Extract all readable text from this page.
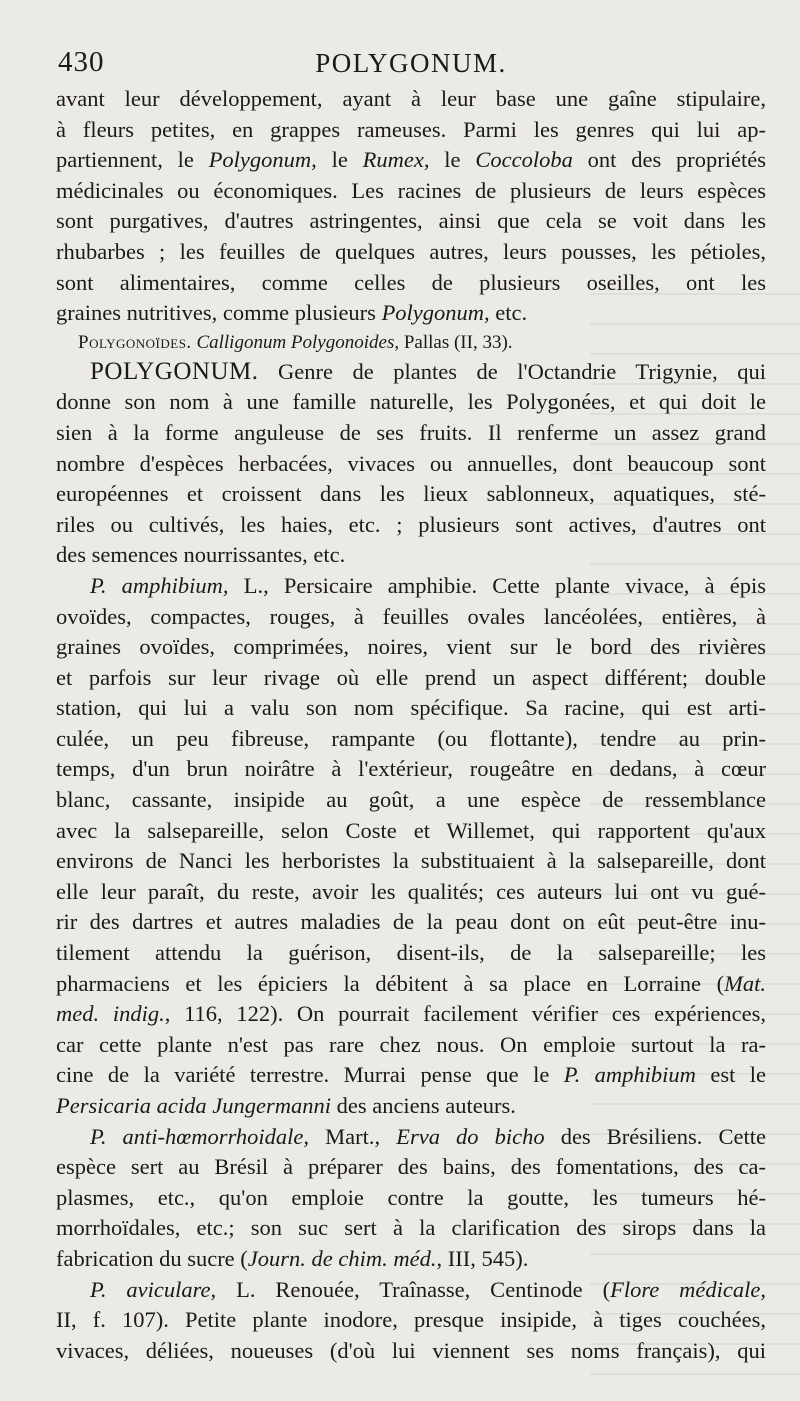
430	POLYGONUM.
avant leur développement, ayant à leur base une gaîne stipulaire,
à fleurs petites, en grappes rameuses. Parmi les genres qui lui ap-
partiennent, le Polygonum, le Rumex, le Coccoloba ont des propriétés
médicinales ou économiques. Les racines de plusieurs de leurs espèces
sont purgatives, d'autres astringentes, ainsi que cela se voit dans les
rhubarbes ; les feuilles de quelques autres, leurs pousses, les pétioles,
sont alimentaires, comme celles de plusieurs oseilles, ont les
graines nutritives, comme plusieurs Polygonum, etc.
Polygonoïdes. Calligonum Polygonoides, Pallas (II, 33).
POLYGONUM. Genre de plantes de l'Octandrie Trigynie, qui
donne son nom à une famille naturelle, les Polygonées, et qui doit le
sien à la forme anguleuse de ses fruits. Il renferme un assez grand
nombre d'espèces herbacées, vivaces ou annuelles, dont beaucoup sont
européennes et croissent dans les lieux sablonneux, aquatiques, sté-
riles ou cultivés, les haies, etc. ; plusieurs sont actives, d'autres ont
des semences nourrissantes, etc.
P. amphibium, L., Persicaire amphibie. Cette plante vivace, à épis
ovoïdes, compactes, rouges, à feuilles ovales lancéolées, entières, à
graines ovoïdes, comprimées, noires, vient sur le bord des rivières
et parfois sur leur rivage où elle prend un aspect différent; double
station, qui lui a valu son nom spécifique. Sa racine, qui est arti-
culée, un peu fibreuse, rampante (ou flottante), tendre au prin-
temps, d'un brun noirâtre à l'extérieur, rougeâtre en dedans, à cœur
blanc, cassante, insipide au goût, a une espèce de ressemblance
avec la salsepareille, selon Coste et Willemet, qui rapportent qu'aux
environs de Nanci les herboristes la substituaient à la salsepareille, dont
elle leur paraît, du reste, avoir les qualités; ces auteurs lui ont vu gué-
rir des dartres et autres maladies de la peau dont on eût peut-être inu-
tilement attendu la guérison, disent-ils, de la salsepareille; les
pharmaciens et les épiciers la débitent à sa place en Lorraine (Mat.
med. indig., 116, 122). On pourrait facilement vérifier ces expériences,
car cette plante n'est pas rare chez nous. On emploie surtout la ra-
cine de la variété terrestre. Murrai pense que le P. amphibium est le
Persicaria acida Jungermanni des anciens auteurs.
P. anti-hœmorrhoidale, Mart., Erva do bicho des Brésiliens. Cette
espèce sert au Brésil à préparer des bains, des fomentations, des ca-
plasmes, etc., qu'on emploie contre la goutte, les tumeurs hé-
morrhoïdales, etc.; son suc sert à la clarification des sirops dans la
fabrication du sucre (Journ. de chim. méd., III, 545).
P. aviculare, L. Renouée, Traînasse, Centinode (Flore médicale,
II, f. 107). Petite plante inodore, presque insipide, à tiges couchées,
vivaces, déliées, noueuses (d'où lui viennent ses noms français), qui
